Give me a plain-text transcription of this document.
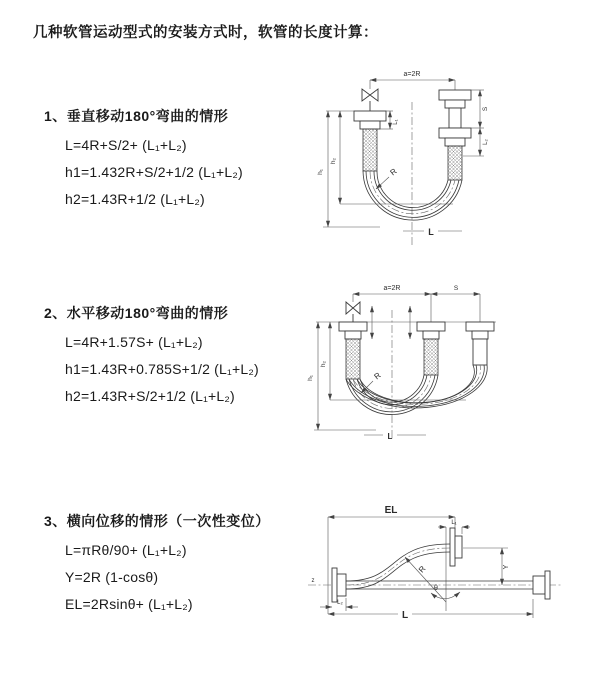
几种软管运动型式的安装方式时，软管的长度计算：
1、垂直移动180°弯曲的情形
L=4R+S/2+ (L₁+L₂)
h1=1.432R+S/2+1/2 (L₁+L₂)
h2=1.43R+1/2 (L₁+L₂)
2、水平移动180°弯曲的情形
L=4R+1.57S+ (L₁+L₂)
h1=1.43R+0.785S+1/2 (L₁+L₂)
h2=1.43R+S/2+1/2 (L₁+L₂)
3、横向位移的情形（一次性变位）
L=πRθ/90+ (L₁+L₂)
Y=2R (1-cosθ)
EL=2Rsinθ+ (L₁+L₂)
a=2R
L₁
S
L₂
h₂
h₁	R
L
a=2R	S
h₂
h₁	R
L
EL
L₁
z
Y
R
θ
L₂
L
